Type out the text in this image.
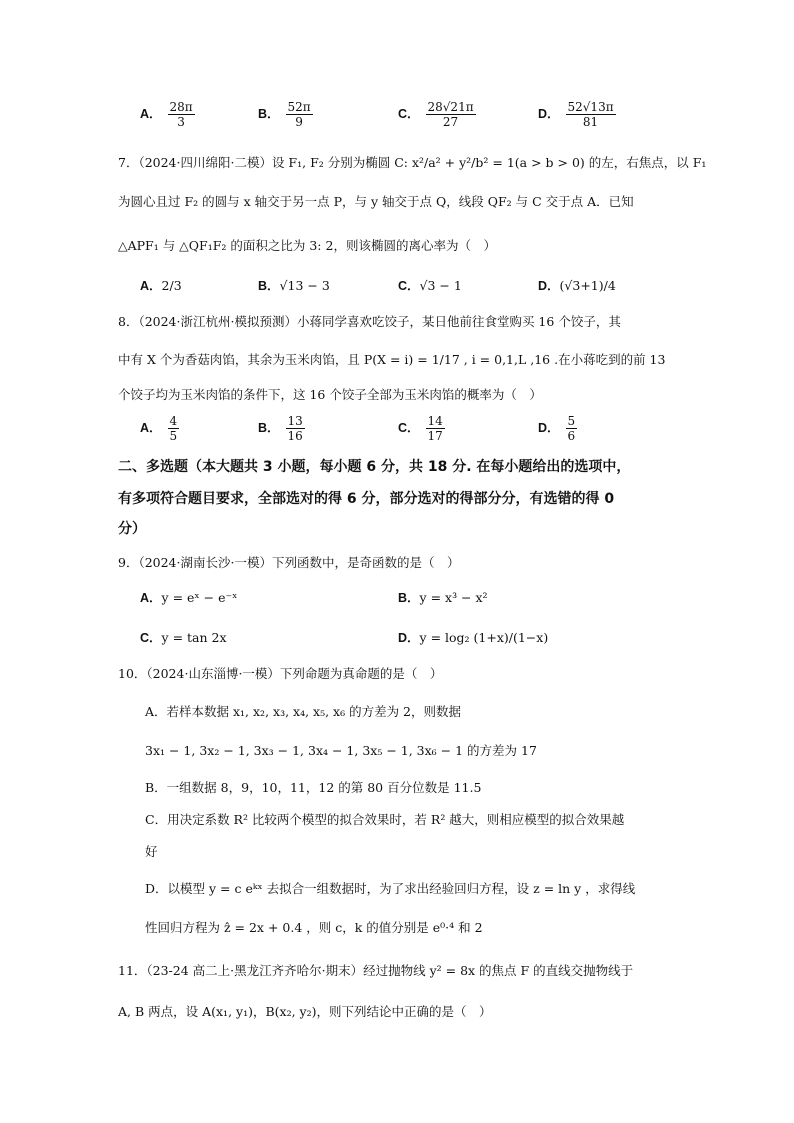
A． $\frac{28\pi}{3}$	B． $\frac{52\pi}{9}$	C． $\frac{28√21\pi}{27}$	D． $\frac{52√13\pi}{81}$
7．（2024·四川绵阳·二模）设 F₁, F₂ 分别为椭圆 C: x²/a² + y²/b² = 1(a > b > 0) 的左，右焦点，以 F₁
为圆心且过 F₂ 的圆与 x 轴交于另一点 P，与 y 轴交于点 Q，线段 QF₂ 与 C 交于点 A．已知
△APF₁ 与 △QF₁F₂ 的面积之比为 3: 2，则该椭圆的离心率为（　）
A．2/3	B．√13 − 3	C．√3 − 1	D．(√3+1)/4
8．（2024·浙江杭州·模拟预测）小蒋同学喜欢吃饺子，某日他前往食堂购买 16 个饺子，其
中有 X 个为香菇肉馅，其余为玉米肉馅，且 P(X = i) = 1/17 , i = 0,1,L ,16 .在小蒋吃到的前 13
个饺子均为玉米肉馅的条件下，这 16 个饺子全部为玉米肉馅的概率为（　）
A． $\frac{4}{5}$	B． $\frac{13}{16}$	C． $\frac{14}{17}$	D． $\frac{5}{6}$
二、多选题（本大题共 3 小题，每小题 6 分，共 18 分. 在每小题给出的选项中，
有多项符合题目要求，全部选对的得 6 分，部分选对的得部分分，有选错的得 0
分）
9．（2024·湖南长沙·一模）下列函数中，是奇函数的是（　）
A．y = eˣ − e⁻ˣ	B．y = x³ − x²
C．y = tan 2x	D．y = log₂ (1+x)/(1−x)
10．（2024·山东淄博·一模）下列命题为真命题的是（　）
A．若样本数据 x₁, x₂, x₃, x₄, x₅, x₆ 的方差为 2，则数据
3x₁ − 1, 3x₂ − 1, 3x₃ − 1, 3x₄ − 1, 3x₅ − 1, 3x₆ − 1 的方差为 17
B．一组数据 8，9，10，11，12 的第 80 百分位数是 11.5
C．用决定系数 R² 比较两个模型的拟合效果时，若 R² 越大，则相应模型的拟合效果越
好
D．以模型 y = c eᵏˣ 去拟合一组数据时，为了求出经验回归方程，设 z = ln y ，求得线
性回归方程为 ẑ = 2x + 0.4 ，则 c，k 的值分别是 e⁰·⁴ 和 2
11．（23-24 高二上·黑龙江齐齐哈尔·期末）经过抛物线 y² = 8x 的焦点 F 的直线交抛物线于
A, B 两点，设 A(x₁, y₁)，B(x₂, y₂)，则下列结论中正确的是（　）
